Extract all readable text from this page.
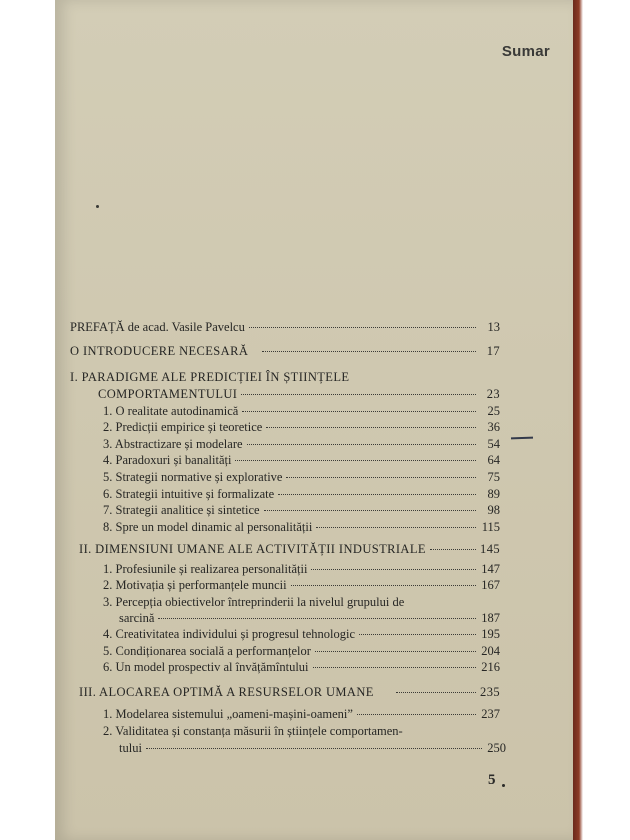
Sumar
PREFAȚĂ de acad. Vasile Pavelcu	13
O INTRODUCERE NECESARĂ	17
I. PARADIGME ALE PREDICȚIEI ÎN ȘTIINȚELE
COMPORTAMENTULUI	23
1. O realitate autodinamică	25
2. Predicții empirice și teoretice	36
3. Abstractizare și modelare	54
4. Paradoxuri și banalități	64
5. Strategii normative și explorative	75
6. Strategii intuitive și formalizate	89
7. Strategii analitice și sintetice	98
8. Spre un model dinamic al personalității	115
II. DIMENSIUNI UMANE ALE ACTIVITĂȚII INDUSTRIALE	145
1. Profesiunile și realizarea personalității	147
2. Motivația și performanțele muncii	167
3. Percepția obiectivelor întreprinderii la nivelul grupului de
sarcină	187
4. Creativitatea individului și progresul tehnologic	195
5. Condiționarea socială a performanțelor	204
6. Un model prospectiv al învățămîntului	216
III. ALOCAREA OPTIMĂ A RESURSELOR UMANE	235
1. Modelarea sistemului „oameni-mașini-oameni”	237
2. Validitatea și constanța măsurii în științele comportamen-
tului	250
5
